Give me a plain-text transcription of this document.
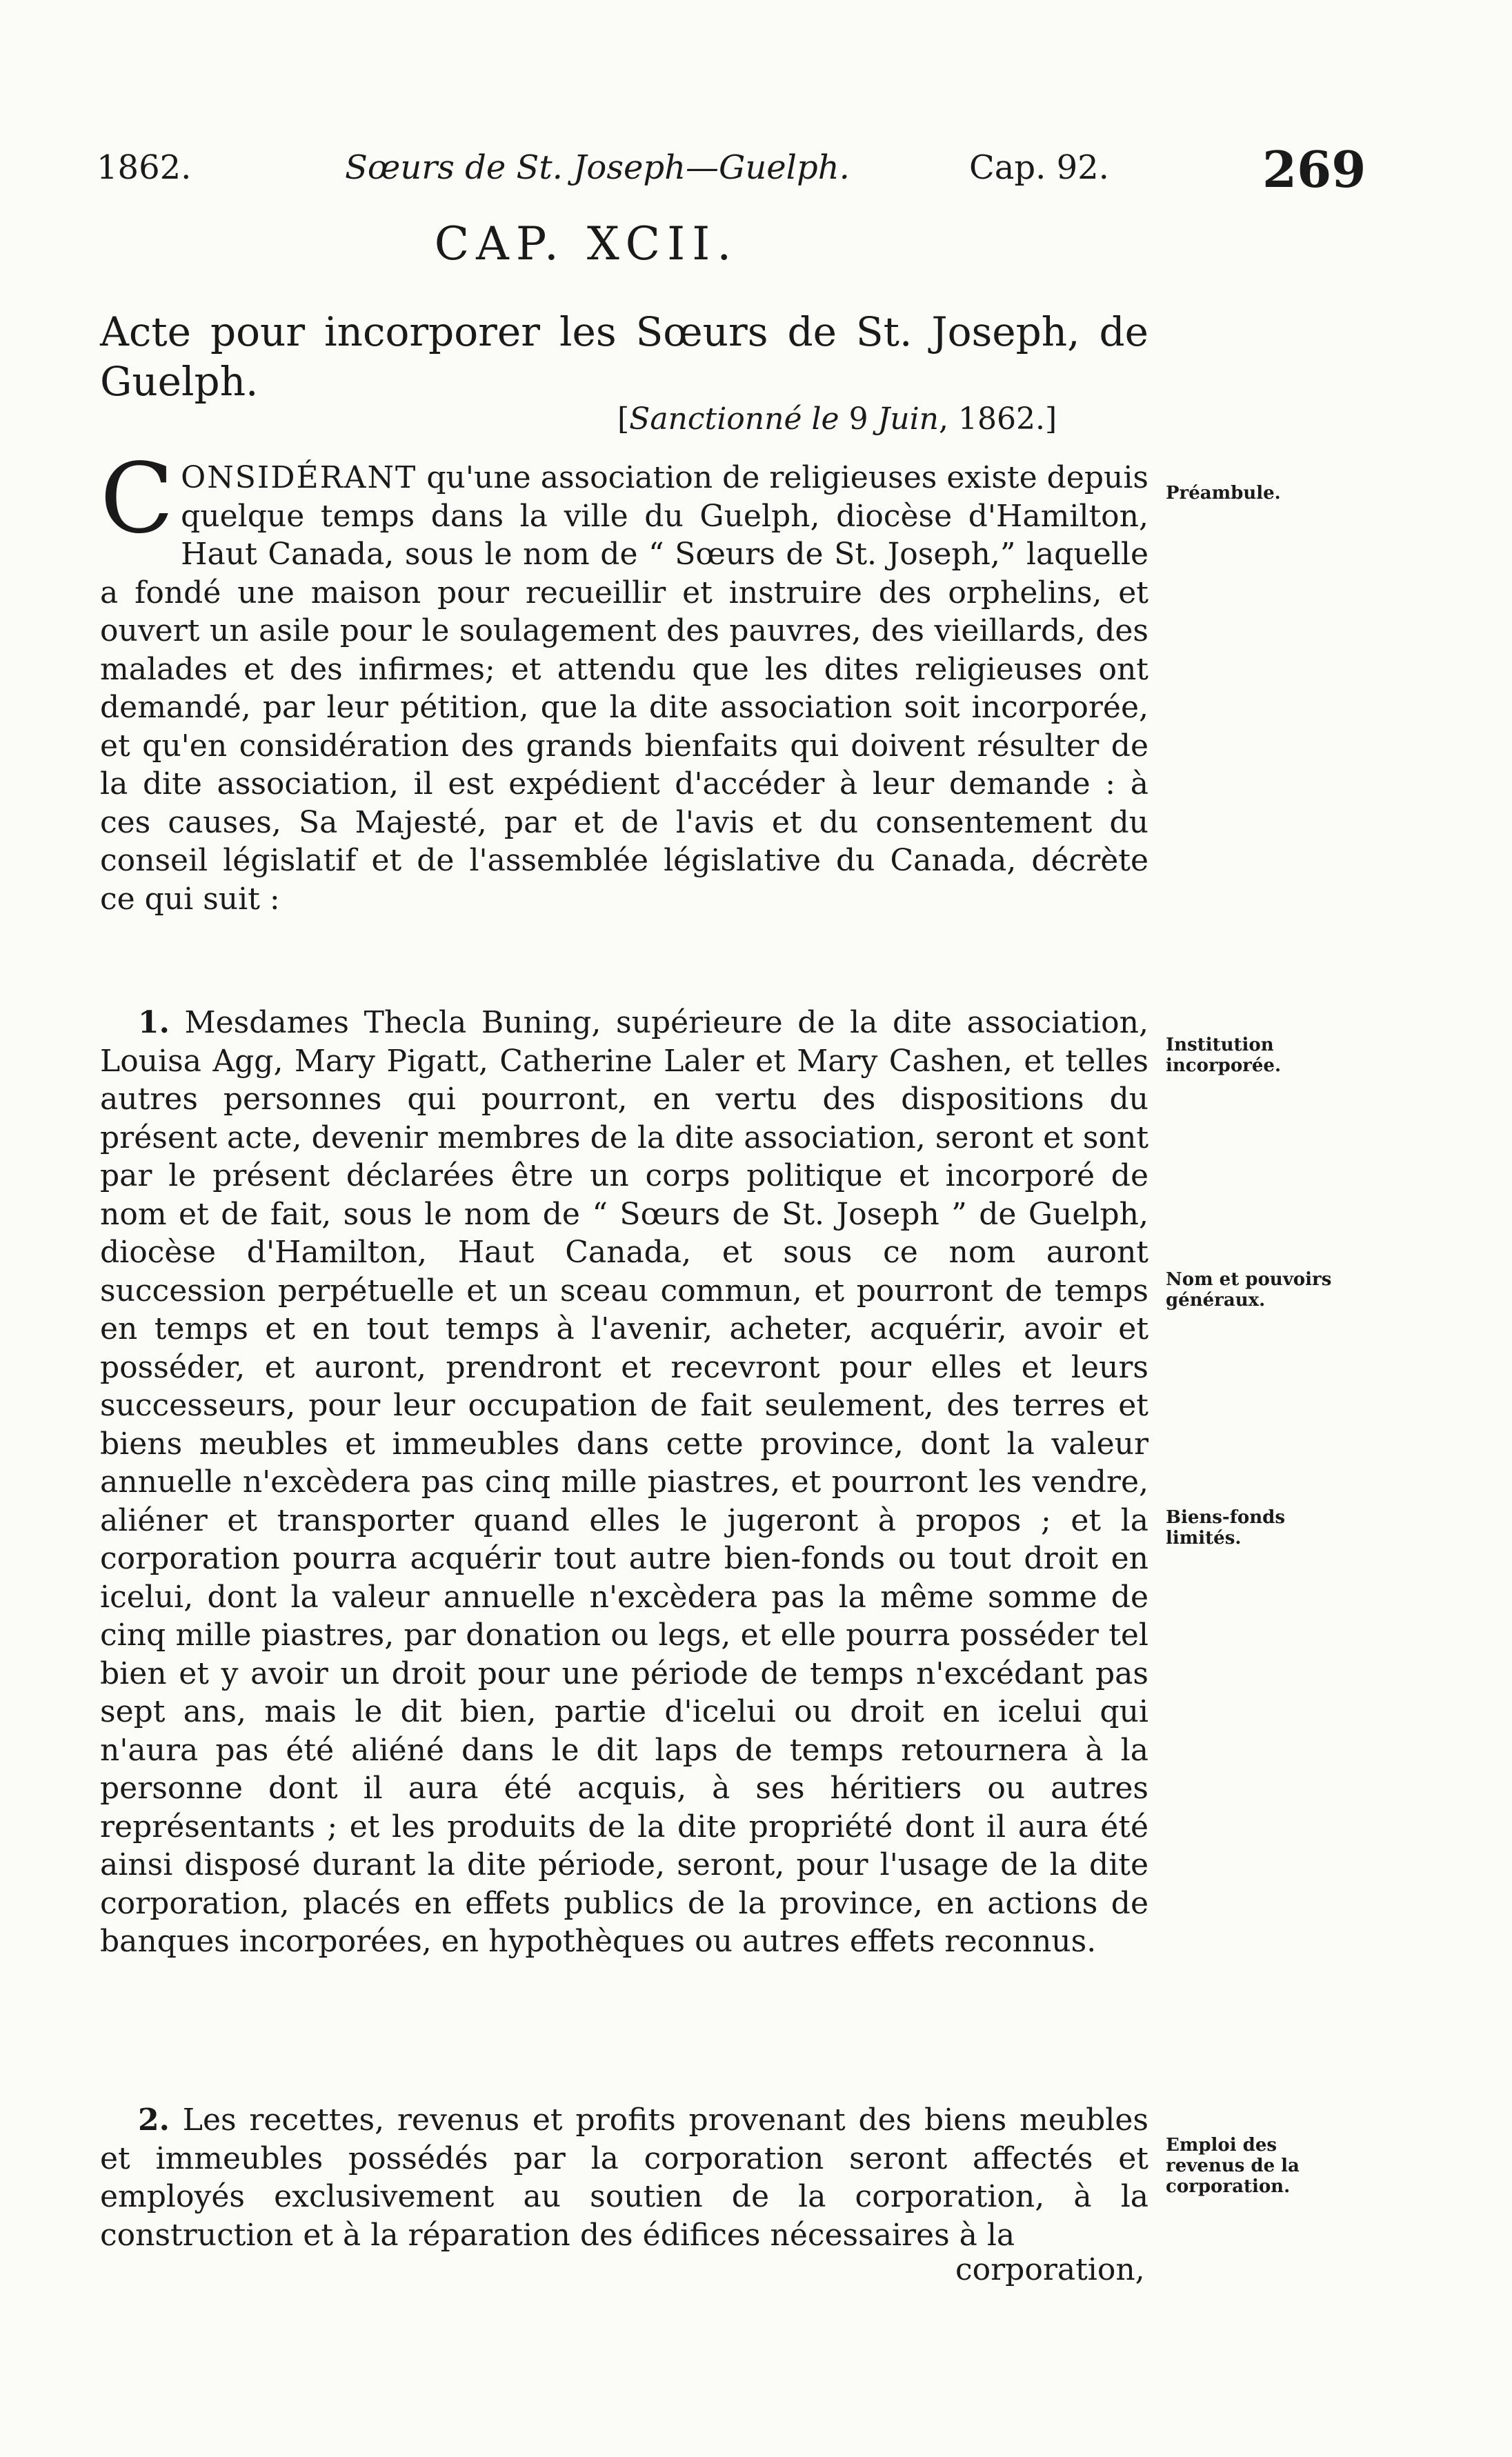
1862.	Sœurs de St. Joseph—Guelph.	Cap. 92.	269
CAP. XCII.
Acte pour incorporer les Sœurs de St. Joseph, de Guelph.
[Sanctionné le 9 Juin, 1862.]
CONSIDÉRANT qu'une association de religieuses existe depuis quelque temps dans la ville du Guelph, diocèse d'Hamilton, Haut Canada, sous le nom de “ Sœurs de St. Joseph,” laquelle a fondé une maison pour recueillir et instruire des orphelins, et ouvert un asile pour le soulagement des pauvres, des vieillards, des malades et des infirmes; et attendu que les dites religieuses ont demandé, par leur pétition, que la dite association soit incorporée, et qu'en considération des grands bienfaits qui doivent résulter de la dite association, il est expédient d'accéder à leur demande : à ces causes, Sa Majesté, par et de l'avis et du consentement du conseil législatif et de l'assemblée législative du Canada, décrète ce qui suit :
1. Mesdames Thecla Buning, supérieure de la dite association, Louisa Agg, Mary Pigatt, Catherine Laler et Mary Cashen, et telles autres personnes qui pourront, en vertu des dispositions du présent acte, devenir membres de la dite association, seront et sont par le présent déclarées être un corps politique et incorporé de nom et de fait, sous le nom de “ Sœurs de St. Joseph ” de Guelph, diocèse d'Hamilton, Haut Canada, et sous ce nom auront succession perpétuelle et un sceau commun, et pourront de temps en temps et en tout temps à l'avenir, acheter, acquérir, avoir et posséder, et auront, prendront et recevront pour elles et leurs successeurs, pour leur occupation de fait seulement, des terres et biens meubles et immeubles dans cette province, dont la valeur annuelle n'excèdera pas cinq mille piastres, et pourront les vendre, aliéner et transporter quand elles le jugeront à propos ; et la corporation pourra acquérir tout autre bien-fonds ou tout droit en icelui, dont la valeur annuelle n'excèdera pas la même somme de cinq mille piastres, par donation ou legs, et elle pourra posséder tel bien et y avoir un droit pour une période de temps n'excédant pas sept ans, mais le dit bien, partie d'icelui ou droit en icelui qui n'aura pas été aliéné dans le dit laps de temps retournera à la personne dont il aura été acquis, à ses héritiers ou autres représentants ; et les produits de la dite propriété dont il aura été ainsi disposé durant la dite période, seront, pour l'usage de la dite corporation, placés en effets publics de la province, en actions de banques incorporées, en hypothèques ou autres effets reconnus.
2. Les recettes, revenus et profits provenant des biens meubles et immeubles possédés par la corporation seront affectés et employés exclusivement au soutien de la corporation, à la construction et à la réparation des édifices nécessaires à la
corporation,
Préambule.
Institution incorporée.
Nom et pouvoirs généraux.
Biens-fonds limités.
Emploi des revenus de la corporation.
